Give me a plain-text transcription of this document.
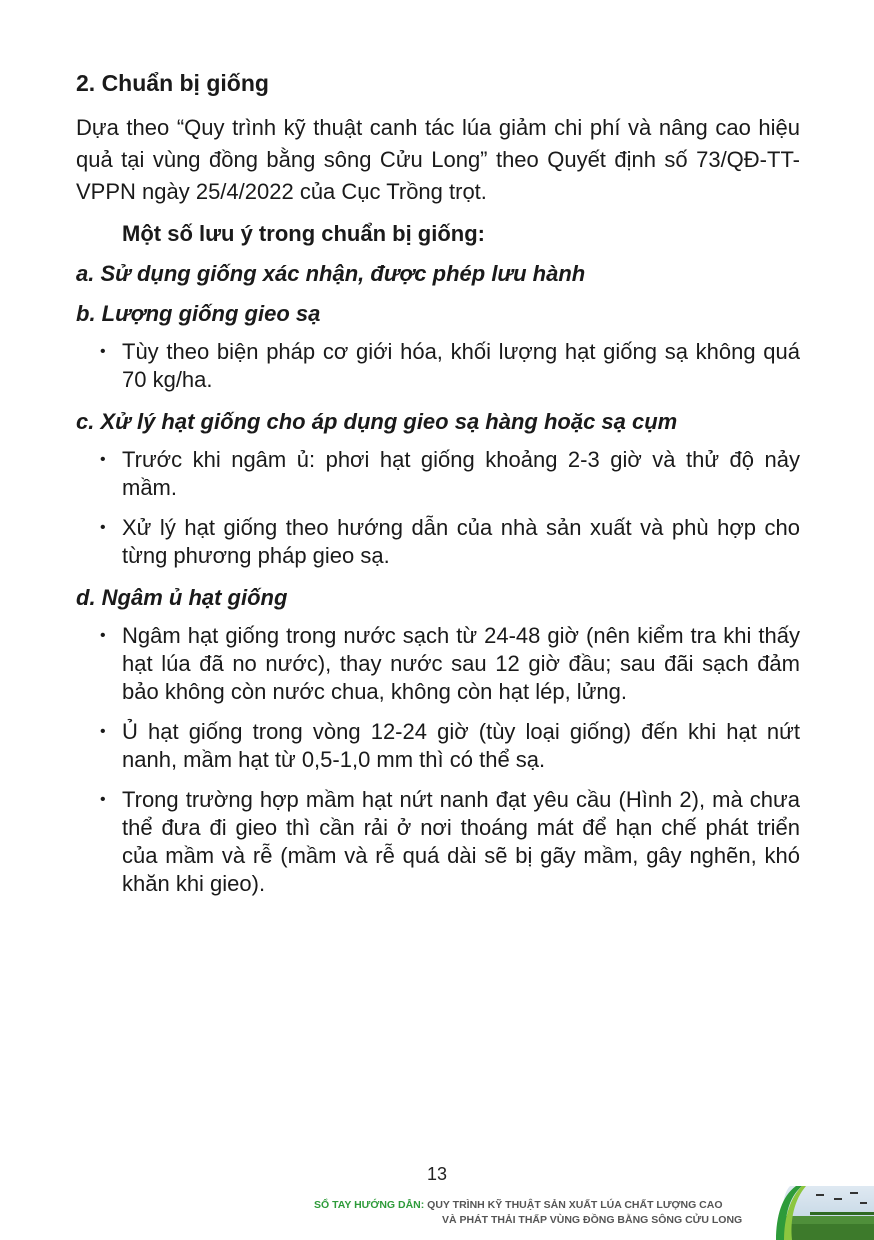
2. Chuẩn bị giống

Dựa theo “Quy trình kỹ thuật canh tác lúa giảm chi phí và nâng cao hiệu quả tại vùng đồng bằng sông Cửu Long” theo Quyết định số 73/QĐ-TT-VPPN ngày 25/4/2022 của Cục Trồng trọt.

Một số lưu ý trong chuẩn bị giống:
a. Sử dụng giống xác nhận, được phép lưu hành
b. Lượng giống gieo sạ
• Tùy theo biện pháp cơ giới hóa, khối lượng hạt giống sạ không quá 70 kg/ha.
c. Xử lý hạt giống cho áp dụng gieo sạ hàng hoặc sạ cụm
• Trước khi ngâm ủ: phơi hạt giống khoảng 2-3 giờ và thử độ nảy mầm.
• Xử lý hạt giống theo hướng dẫn của nhà sản xuất và phù hợp cho từng phương pháp gieo sạ.
d. Ngâm ủ hạt giống
• Ngâm hạt giống trong nước sạch từ 24-48 giờ (nên kiểm tra khi thấy hạt lúa đã no nước), thay nước sau 12 giờ đầu; sau đãi sạch đảm bảo không còn nước chua, không còn hạt lép, lửng.
• Ủ hạt giống trong vòng 12-24 giờ (tùy loại giống) đến khi hạt nứt nanh, mầm hạt từ 0,5-1,0 mm thì có thể sạ.
• Trong trường hợp mầm hạt nứt nanh đạt yêu cầu (Hình 2), mà chưa thể đưa đi gieo thì cần rải ở nơi thoáng mát để hạn chế phát triển của mầm và rễ (mầm và rễ quá dài sẽ bị gãy mầm, gây nghẽn, khó khăn khi gieo).
13
SỔ TAY HƯỚNG DẪN: QUY TRÌNH KỸ THUẬT SẢN XUẤT LÚA CHẤT LƯỢNG CAO
VÀ PHÁT THẢI THẤP VÙNG ĐỒNG BẰNG SÔNG CỬU LONG
